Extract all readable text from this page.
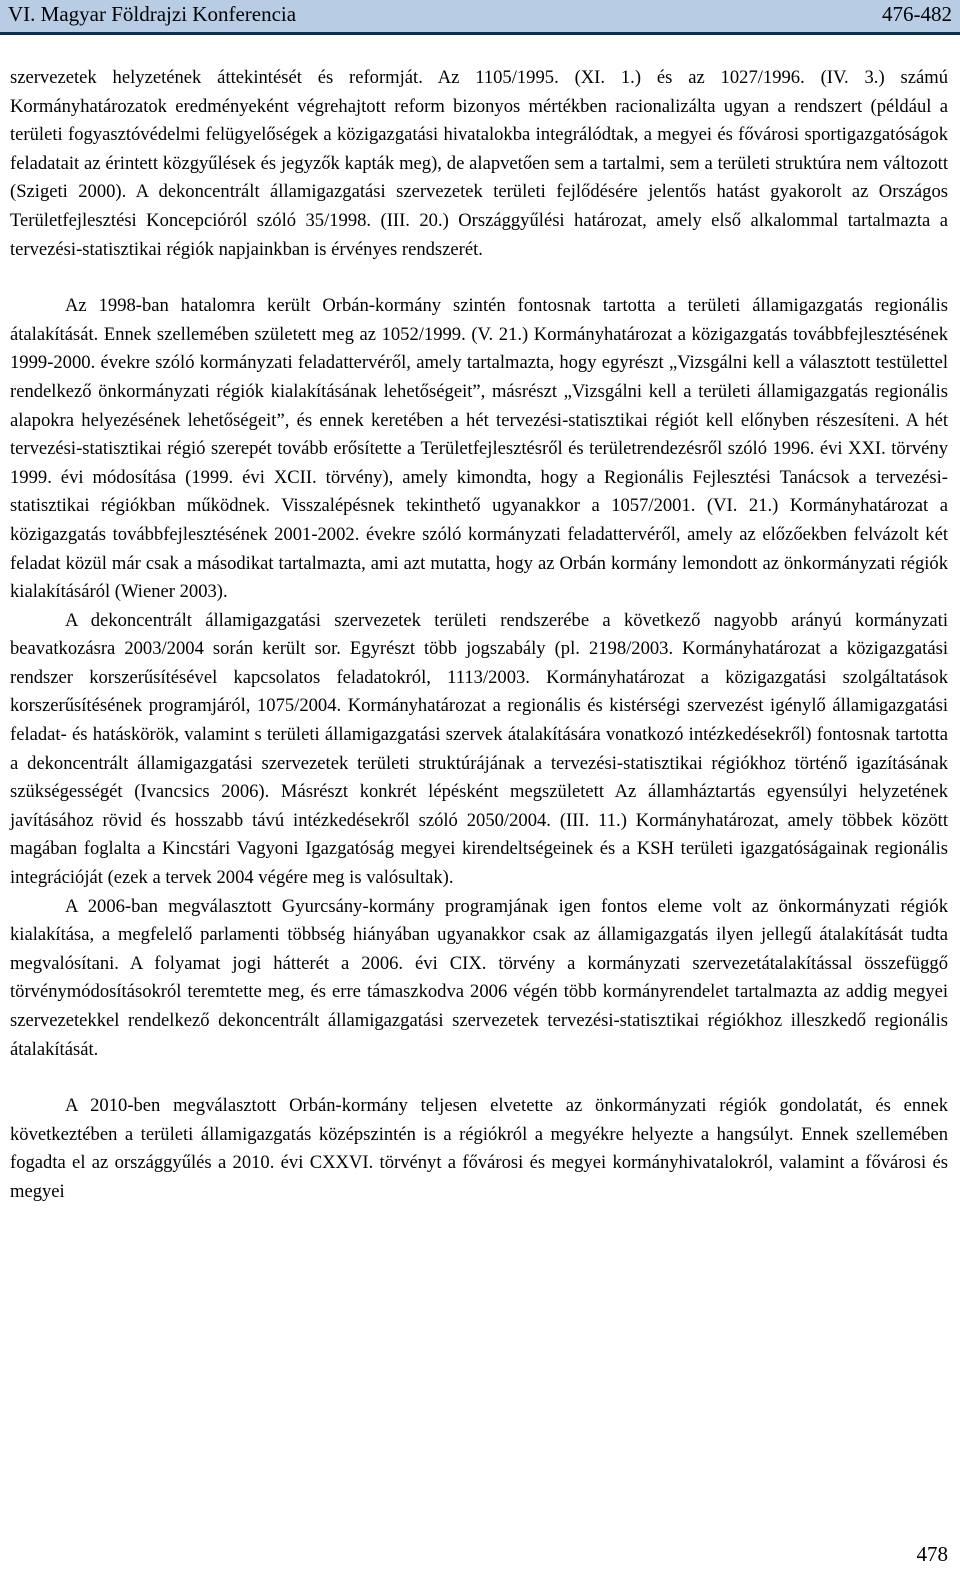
VI. Magyar Földrajzi Konferencia	476-482

szervezetek helyzetének áttekintését és reformját. Az 1105/1995. (XI. 1.) és az 1027/1996. (IV. 3.) számú Kormányhatározatok eredményeként végrehajtott reform bizonyos mértékben racionalizálta ugyan a rendszert (például a területi fogyasztóvédelmi felügyelőségek a közigazgatási hivatalokba integrálódtak, a megyei és fővárosi sportigazgatóságok feladatait az érintett közgyűlések és jegyzők kapták meg), de alapvetően sem a tartalmi, sem a területi struktúra nem változott (Szigeti 2000). A dekoncentrált államigazgatási szervezetek területi fejlődésére jelentős hatást gyakorolt az Országos Területfejlesztési Koncepcióról szóló 35/1998. (III. 20.) Országgyűlési határozat, amely első alkalommal tartalmazta a tervezési-statisztikai régiók napjainkban is érvényes rendszerét.

Az 1998-ban hatalomra került Orbán-kormány szintén fontosnak tartotta a területi államigazgatás regionális átalakítását. Ennek szellemében született meg az 1052/1999. (V. 21.) Kormányhatározat a közigazgatás továbbfejlesztésének 1999-2000. évekre szóló kormányzati feladattervéről, amely tartalmazta, hogy egyrészt „Vizsgálni kell a választott testülettel rendelkező önkormányzati régiók kialakításának lehetőségeit”, másrészt „Vizsgálni kell a területi államigazgatás regionális alapokra helyezésének lehetőségeit”, és ennek keretében a hét tervezési-statisztikai régiót kell előnyben részesíteni. A hét tervezési-statisztikai régió szerepét tovább erősítette a Területfejlesztésről és területrendezésről szóló 1996. évi XXI. törvény 1999. évi módosítása (1999. évi XCII. törvény), amely kimondta, hogy a Regionális Fejlesztési Tanácsok a tervezési-statisztikai régiókban működnek. Visszalépésnek tekinthető ugyanakkor a 1057/2001. (VI. 21.) Kormányhatározat a közigazgatás továbbfejlesztésének 2001-2002. évekre szóló kormányzati feladattervéről, amely az előzőekben felvázolt két feladat közül már csak a másodikat tartalmazta, ami azt mutatta, hogy az Orbán kormány lemondott az önkormányzati régiók kialakításáról (Wiener 2003).

A dekoncentrált államigazgatási szervezetek területi rendszerébe a következő nagyobb arányú kormányzati beavatkozásra 2003/2004 során került sor. Egyrészt több jogszabály (pl. 2198/2003. Kormányhatározat a közigazgatási rendszer korszerűsítésével kapcsolatos feladatokról, 1113/2003. Kormányhatározat a közigazgatási szolgáltatások korszerűsítésének programjáról, 1075/2004. Kormányhatározat a regionális és kistérségi szervezést igénylő államigazgatási feladat- és hatáskörök, valamint s területi államigazgatási szervek átalakítására vonatkozó intézkedésekről) fontosnak tartotta a dekoncentrált államigazgatási szervezetek területi struktúrájának a tervezési-statisztikai régiókhoz történő igazításának szükségességét (Ivancsics 2006). Másrészt konkrét lépésként megszületett Az államháztartás egyensúlyi helyzetének javításához rövid és hosszabb távú intézkedésekről szóló 2050/2004. (III. 11.) Kormányhatározat, amely többek között magában foglalta a Kincstári Vagyoni Igazgatóság megyei kirendeltségeinek és a KSH területi igazgatóságainak regionális integrációját (ezek a tervek 2004 végére meg is valósultak).

A 2006-ban megválasztott Gyurcsány-kormány programjának igen fontos eleme volt az önkormányzati régiók kialakítása, a megfelelő parlamenti többség hiányában ugyanakkor csak az államigazgatás ilyen jellegű átalakítását tudta megvalósítani. A folyamat jogi hátterét a 2006. évi CIX. törvény a kormányzati szervezetátalakítással összefüggő törvénymódosításokról teremtette meg, és erre támaszkodva 2006 végén több kormányrendelet tartalmazta az addig megyei szervezetekkel rendelkező dekoncentrált államigazgatási szervezetek tervezési-statisztikai régiókhoz illeszkedő regionális átalakítását.

A 2010-ben megválasztott Orbán-kormány teljesen elvetette az önkormányzati régiók gondolatát, és ennek következtében a területi államigazgatás középszintén is a régiókról a megyékre helyezte a hangsúlyt. Ennek szellemében fogadta el az országgyűlés a 2010. évi CXXVI. törvényt a fővárosi és megyei kormányhivatalokról, valamint a fővárosi és megyei

478
